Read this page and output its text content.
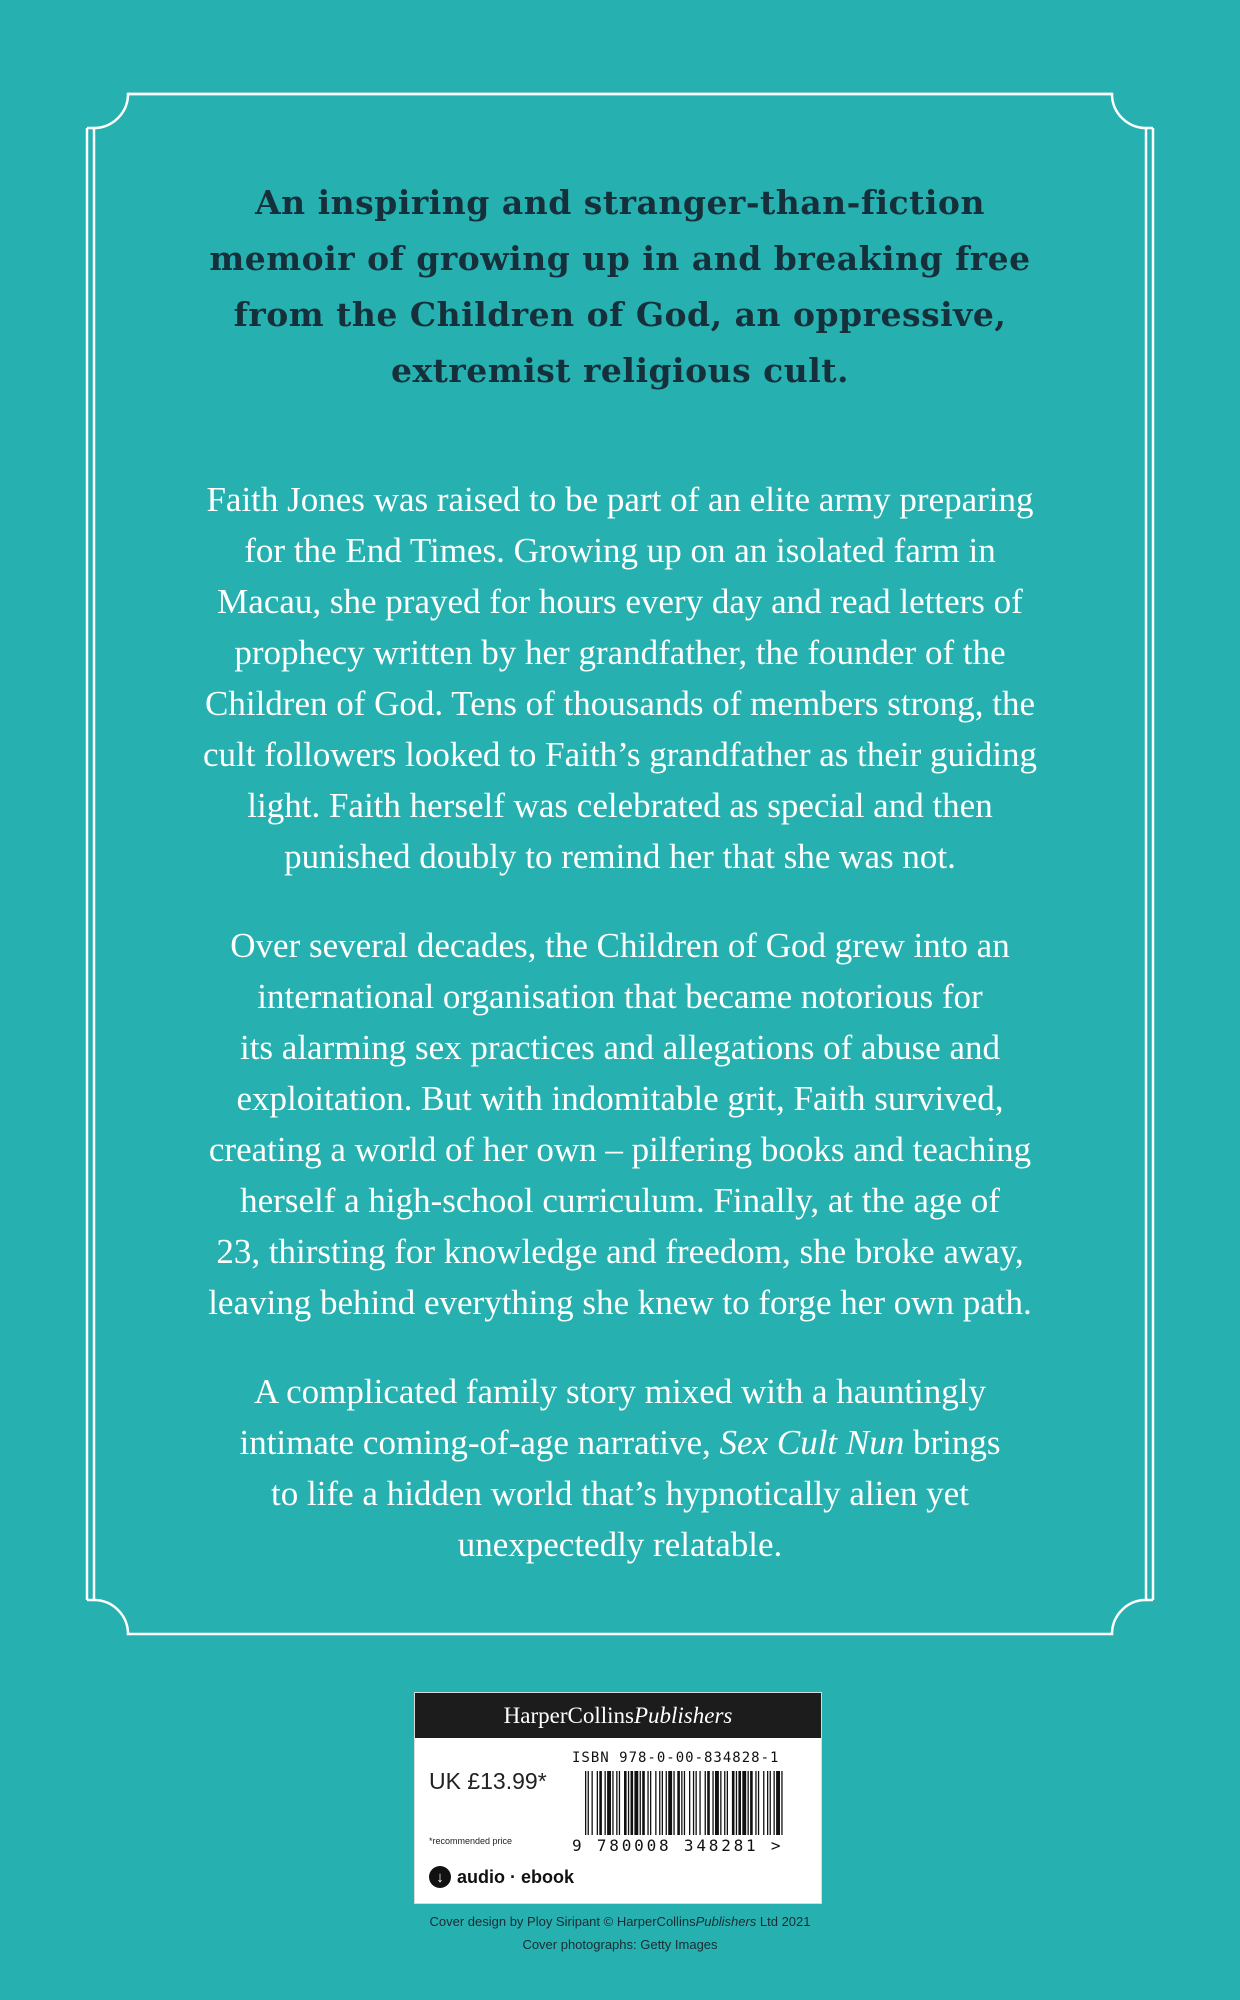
An inspiring and stranger-than-fiction
memoir of growing up in and breaking free
from the Children of God, an oppressive,
extremist religious cult.

Faith Jones was raised to be part of an elite army preparing
for the End Times. Growing up on an isolated farm in
Macau, she prayed for hours every day and read letters of
prophecy written by her grandfather, the founder of the
Children of God. Tens of thousands of members strong, the
cult followers looked to Faith’s grandfather as their guiding
light. Faith herself was celebrated as special and then
punished doubly to remind her that she was not.

Over several decades, the Children of God grew into an
international organisation that became notorious for
its alarming sex practices and allegations of abuse and
exploitation. But with indomitable grit, Faith survived,
creating a world of her own – pilfering books and teaching
herself a high-school curriculum. Finally, at the age of
23, thirsting for knowledge and freedom, she broke away,
leaving behind everything she knew to forge her own path.

A complicated family story mixed with a hauntingly
intimate coming-of-age narrative, Sex Cult Nun brings
to life a hidden world that’s hypnotically alien yet
unexpectedly relatable.

HarperCollinsPublishers
UK £13.99*
*recommended price
ISBN 978-0-00-834828-1
9 780008 348281 >
↓ audio · ebook
Cover design by Ploy Siripant © HarperCollinsPublishers Ltd 2021
Cover photographs: Getty Images
